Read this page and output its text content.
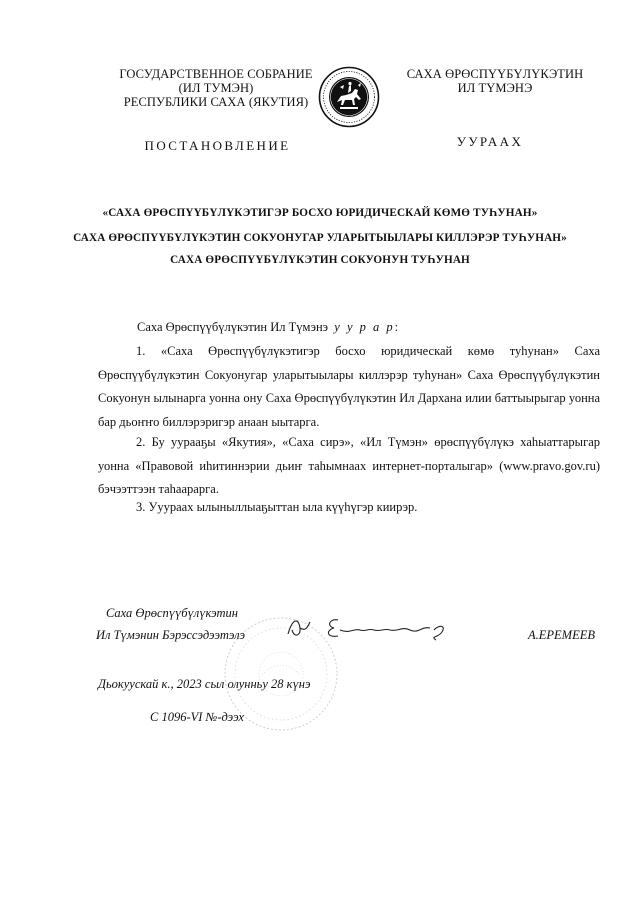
ГОСУДАРСТВЕННОЕ СОБРАНИЕ
(ИЛ ТУМЭН)
РЕСПУБЛИКИ САХА (ЯКУТИЯ)
САХА ӨРӨСПҮҮБҮЛҮКЭТИН
ИЛ ТҮМЭНЭ
ПОСТАНОВЛЕНИЕ	УУРААХ
«САХА ӨРӨСПҮҮБҮЛҮКЭТИГЭР БОСХО ЮРИДИЧЕСКАЙ КӨМӨ ТУҺУНАН»
САХА ӨРӨСПҮҮБҮЛҮКЭТИН СОКУОНУГАР УЛАРЫТЫЫЛАРЫ КИЛЛЭРЭР ТУҺУНАН»
САХА ӨРӨСПҮҮБҮЛҮКЭТИН СОКУОНУН ТУҺУНАН
Саха Өрөспүүбүлүкэтин Ил Түмэнэ у у р а р:
1. «Саха Өрөспүүбүлүкэтигэр босхо юридическай көмө туһунан» Саха Өрөспүүбүлүкэтин Сокуонугар уларытыылары киллэрэр туһунан» Саха Өрөспүүбүлүкэтин Сокуонун ылынарга уонна ону Саха Өрөспүүбүлүкэтин Ил Дархана илии баттыырыгар уонна бар дьоҥҥо биллэрэригэр анаан ыытарга.
2. Бу уурааҕы «Якутия», «Саха сирэ», «Ил Түмэн» өрөспүүбүлүкэ хаһыаттарыгар уонна «Правовой иһитиннэрии дьиҥ таһымнаах интернет-порталыгар» (www.pravo.gov.ru) бэчээттээн таһаарарга.
3. Ууураах ылыныллыаҕыттан ыла күүһүгэр киирэр.
Саха Өрөспүүбүлүкэтин
Ил Түмэнин Бэрэссэдээтэлэ	А.ЕРЕМЕЕВ
Дьокуускай к., 2023 сыл олунньу 28 күнэ
С 1096-VI №-дээх
